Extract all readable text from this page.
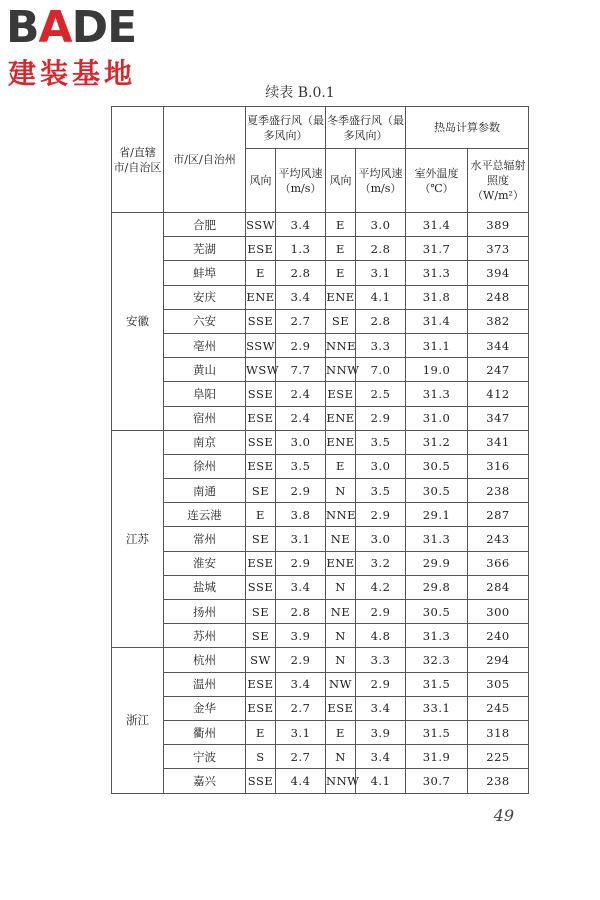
BADE
建装基地
续表 B.0.1
省/直辖市/自治区	市/区/自治州	夏季盛行风（最多风向）		冬季盛行风（最多风向）		热岛计算参数	
		风向	平均风速（m/s）	风向	平均风速（m/s）	室外温度（℃）	水平总辐射照度（W/m²）
安徽	合肥	SSW	3.4	E	3.0	31.4	389
	芜湖	ESE	1.3	E	2.8	31.7	373
	蚌埠	E	2.8	E	3.1	31.3	394
	安庆	ENE	3.4	ENE	4.1	31.8	248
	六安	SSE	2.7	SE	2.8	31.4	382
	亳州	SSW	2.9	NNE	3.3	31.1	344
	黄山	WSW	7.7	NNW	7.0	19.0	247
	阜阳	SSE	2.4	ESE	2.5	31.3	412
	宿州	ESE	2.4	ENE	2.9	31.0	347
江苏	南京	SSE	3.0	ENE	3.5	31.2	341
	徐州	ESE	3.5	E	3.0	30.5	316
	南通	SE	2.9	N	3.5	30.5	238
	连云港	E	3.8	NNE	2.9	29.1	287
	常州	SE	3.1	NE	3.0	31.3	243
	淮安	ESE	2.9	ENE	3.2	29.9	366
	盐城	SSE	3.4	N	4.2	29.8	284
	扬州	SE	2.8	NE	2.9	30.5	300
	苏州	SE	3.9	N	4.8	31.3	240
浙江	杭州	SW	2.9	N	3.3	32.3	294
	温州	ESE	3.4	NW	2.9	31.5	305
	金华	ESE	2.7	ESE	3.4	33.1	245
	衢州	E	3.1	E	3.9	31.5	318
	宁波	S	2.7	N	3.4	31.9	225
	嘉兴	SSE	4.4	NNW	4.1	30.7	238
49
